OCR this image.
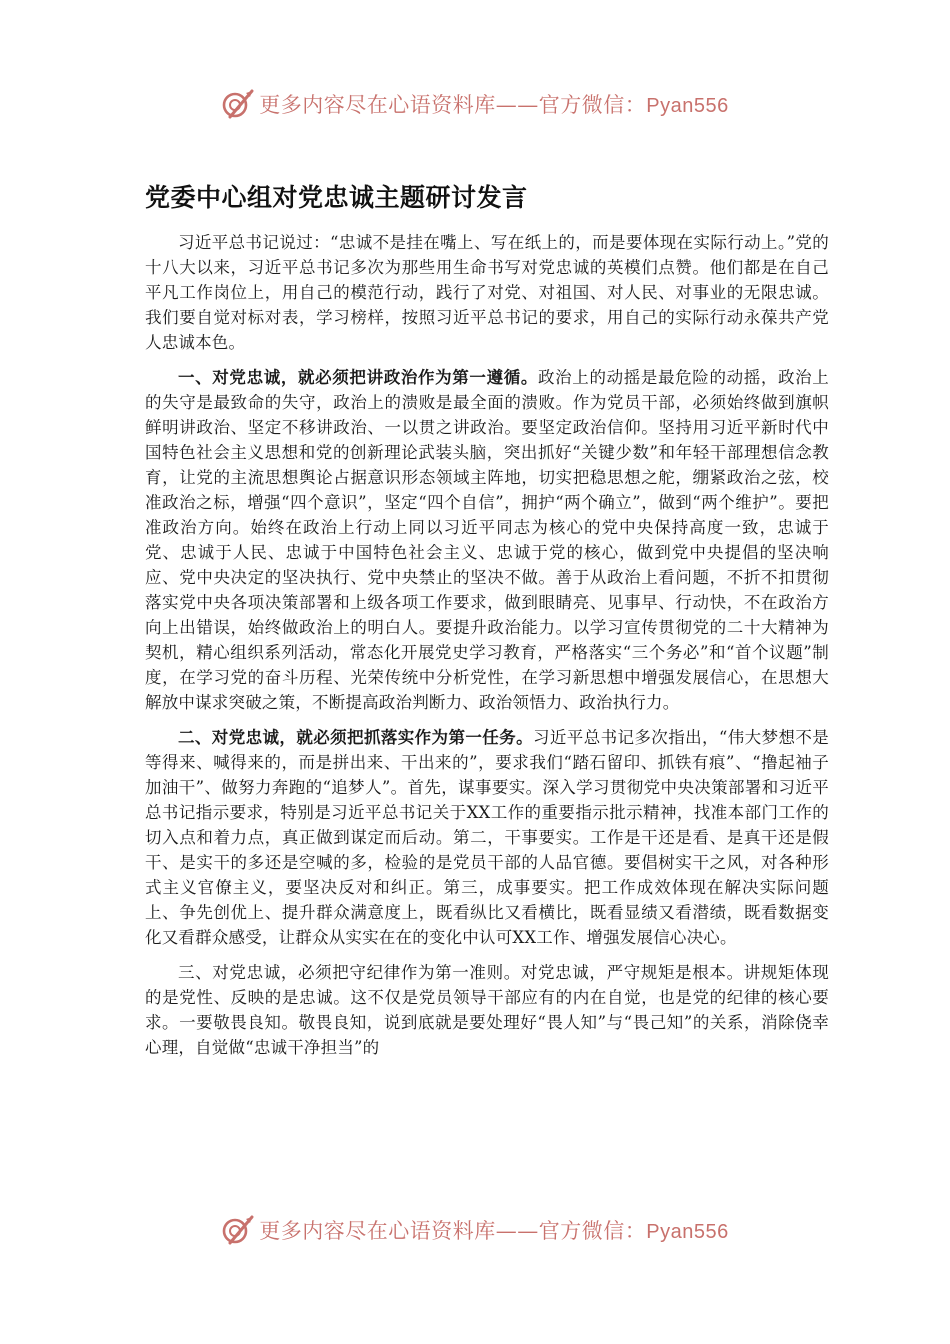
更多内容尽在心语资料库——官方微信：Pyan556
党委中心组对党忠诚主题研讨发言

习近平总书记说过：“忠诚不是挂在嘴上、写在纸上的，而是要体现在实际行动上。”党的十八大以来，习近平总书记多次为那些用生命书写对党忠诚的英模们点赞。他们都是在自己平凡工作岗位上，用自己的模范行动，践行了对党、对祖国、对人民、对事业的无限忠诚。我们要自觉对标对表，学习榜样，按照习近平总书记的要求，用自己的实际行动永葆共产党人忠诚本色。

一、对党忠诚，就必须把讲政治作为第一遵循。政治上的动摇是最危险的动摇，政治上的失守是最致命的失守，政治上的溃败是最全面的溃败。作为党员干部，必须始终做到旗帜鲜明讲政治、坚定不移讲政治、一以贯之讲政治。要坚定政治信仰。坚持用习近平新时代中国特色社会主义思想和党的创新理论武装头脑，突出抓好“关键少数”和年轻干部理想信念教育，让党的主流思想舆论占据意识形态领域主阵地，切实把稳思想之舵，绷紧政治之弦，校准政治之标，增强“四个意识”，坚定“四个自信”，拥护“两个确立”，做到“两个维护”。要把准政治方向。始终在政治上行动上同以习近平同志为核心的党中央保持高度一致，忠诚于党、忠诚于人民、忠诚于中国特色社会主义、忠诚于党的核心，做到党中央提倡的坚决响应、党中央决定的坚决执行、党中央禁止的坚决不做。善于从政治上看问题，不折不扣贯彻落实党中央各项决策部署和上级各项工作要求，做到眼睛亮、见事早、行动快，不在政治方向上出错误，始终做政治上的明白人。要提升政治能力。以学习宣传贯彻党的二十大精神为契机，精心组织系列活动，常态化开展党史学习教育，严格落实“三个务必”和“首个议题”制度，在学习党的奋斗历程、光荣传统中分析党性，在学习新思想中增强发展信心，在思想大解放中谋求突破之策，不断提高政治判断力、政治领悟力、政治执行力。

二、对党忠诚，就必须把抓落实作为第一任务。习近平总书记多次指出，“伟大梦想不是等得来、喊得来的，而是拼出来、干出来的”，要求我们“踏石留印、抓铁有痕”、“撸起袖子加油干”、做努力奔跑的“追梦人”。首先，谋事要实。深入学习贯彻党中央决策部署和习近平总书记指示要求，特别是习近平总书记关于XX工作的重要指示批示精神，找准本部门工作的切入点和着力点，真正做到谋定而后动。第二，干事要实。工作是干还是看、是真干还是假干、是实干的多还是空喊的多，检验的是党员干部的人品官德。要倡树实干之风，对各种形式主义官僚主义，要坚决反对和纠正。第三，成事要实。把工作成效体现在解决实际问题上、争先创优上、提升群众满意度上，既看纵比又看横比，既看显绩又看潜绩，既看数据变化又看群众感受，让群众从实实在在的变化中认可XX工作、增强发展信心决心。

三、对党忠诚，必须把守纪律作为第一准则。对党忠诚，严守规矩是根本。讲规矩体现的是党性、反映的是忠诚。这不仅是党员领导干部应有的内在自觉，也是党的纪律的核心要求。一要敬畏良知。敬畏良知，说到底就是要处理好“畏人知”与“畏己知”的关系，消除侥幸心理，自觉做“忠诚干净担当”的

更多内容尽在心语资料库——官方微信：Pyan556
